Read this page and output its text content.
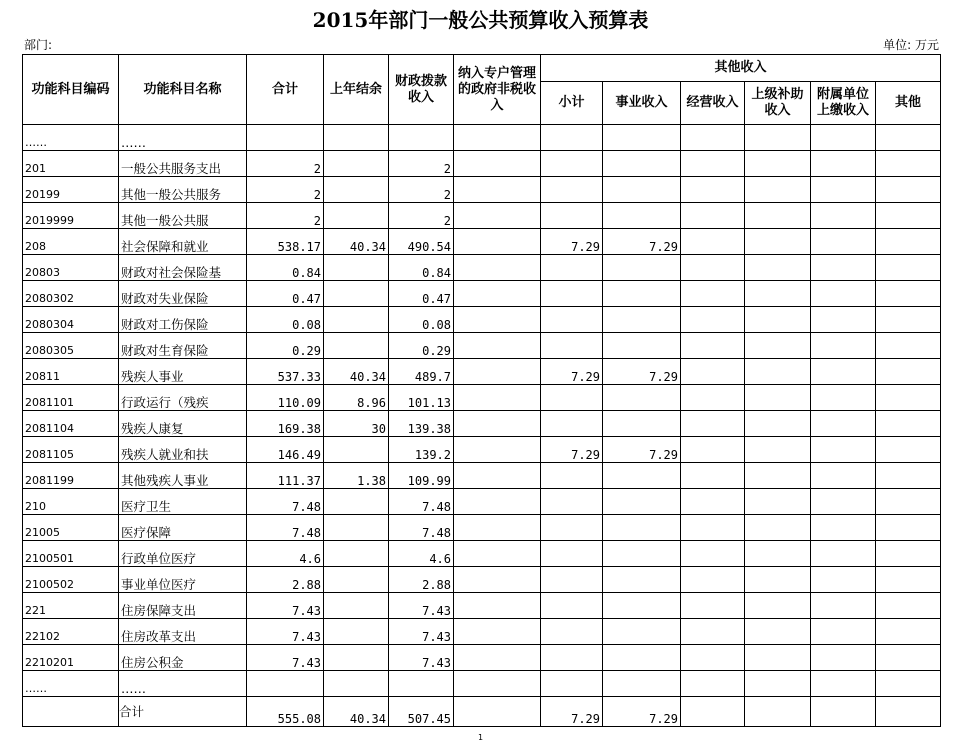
2015年部门一般公共预算收入预算表
部门:	单位: 万元
功能科目编码	功能科目名称	合计	上年结余	财政拨款收入	纳入专户管理的政府非税收入	其他收入					
						小计	事业收入	经营收入	上级补助收入	附属单位上缴收入	其他
……	……										
201	一般公共服务支出	2		2							
20199	其他一般公共服务	2		2							
2019999	其他一般公共服	2		2							
208	社会保障和就业	538.17	40.34	490.54		7.29	7.29				
20803	财政对社会保险基	0.84		0.84							
2080302	财政对失业保险	0.47		0.47							
2080304	财政对工伤保险	0.08		0.08							
2080305	财政对生育保险	0.29		0.29							
20811	残疾人事业	537.33	40.34	489.7		7.29	7.29				
2081101	行政运行（残疾	110.09	8.96	101.13							
2081104	残疾人康复	169.38	30	139.38							
2081105	残疾人就业和扶	146.49		139.2		7.29	7.29				
2081199	其他残疾人事业	111.37	1.38	109.99							
210	医疗卫生	7.48		7.48							
21005	医疗保障	7.48		7.48							
2100501	行政单位医疗	4.6		4.6							
2100502	事业单位医疗	2.88		2.88							
221	住房保障支出	7.43		7.43							
22102	住房改革支出	7.43		7.43							
2210201	住房公积金	7.43		7.43							
……	……										
	合计	555.08	40.34	507.45		7.29	7.29				
1
